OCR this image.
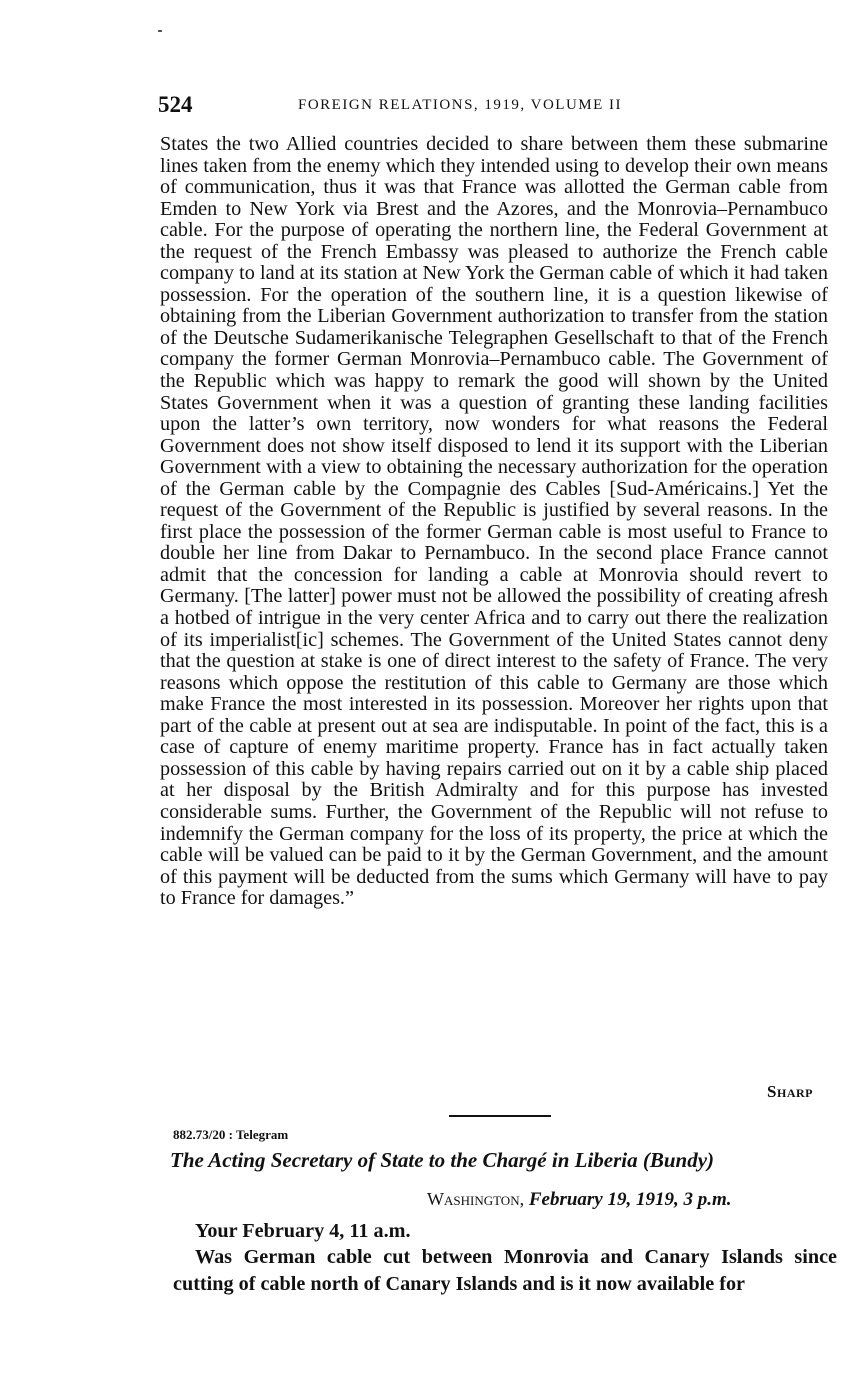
524	FOREIGN RELATIONS, 1919, VOLUME II

States the two Allied countries decided to share between them these submarine lines taken from the enemy which they intended using to develop their own means of communication, thus it was that France was allotted the German cable from Emden to New York via Brest and the Azores, and the Monrovia–Pernambuco cable. For the purpose of operating the northern line, the Federal Government at the request of the French Embassy was pleased to authorize the French cable company to land at its station at New York the German cable of which it had taken possession. For the operation of the southern line, it is a question likewise of obtaining from the Liberian Government authorization to transfer from the station of the Deutsche Sudamerikanische Telegraphen Gesellschaft to that of the French company the former German Monrovia–Pernambuco cable. The Government of the Republic which was happy to remark the good will shown by the United States Government when it was a question of granting these landing facilities upon the latter’s own territory, now wonders for what reasons the Federal Government does not show itself disposed to lend it its support with the Liberian Government with a view to obtaining the necessary authorization for the operation of the German cable by the Compagnie des Cables [Sud-Américains.] Yet the request of the Government of the Republic is justified by several reasons. In the first place the possession of the former German cable is most useful to France to double her line from Dakar to Pernambuco. In the second place France cannot admit that the concession for landing a cable at Monrovia should revert to Germany. [The latter] power must not be allowed the possibility of creating afresh a hotbed of intrigue in the very center Africa and to carry out there the realization of its imperialist[ic] schemes. The Government of the United States cannot deny that the question at stake is one of direct interest to the safety of France. The very reasons which oppose the restitution of this cable to Germany are those which make France the most interested in its possession. Moreover her rights upon that part of the cable at present out at sea are indisputable. In point of the fact, this is a case of capture of enemy maritime property. France has in fact actually taken possession of this cable by having repairs carried out on it by a cable ship placed at her disposal by the British Admiralty and for this purpose has invested considerable sums. Further, the Government of the Republic will not refuse to indemnify the German company for the loss of its property, the price at which the cable will be valued can be paid to it by the German Government, and the amount of this payment will be deducted from the sums which Germany will have to pay to France for damages.”

Sharp
882.73/20 : Telegram
The Acting Secretary of State to the Chargé in Liberia (Bundy)
Washington, February 19, 1919, 3 p.m.
Your February 4, 11 a.m.

Was German cable cut between Monrovia and Canary Islands since cutting of cable north of Canary Islands and is it now available for
